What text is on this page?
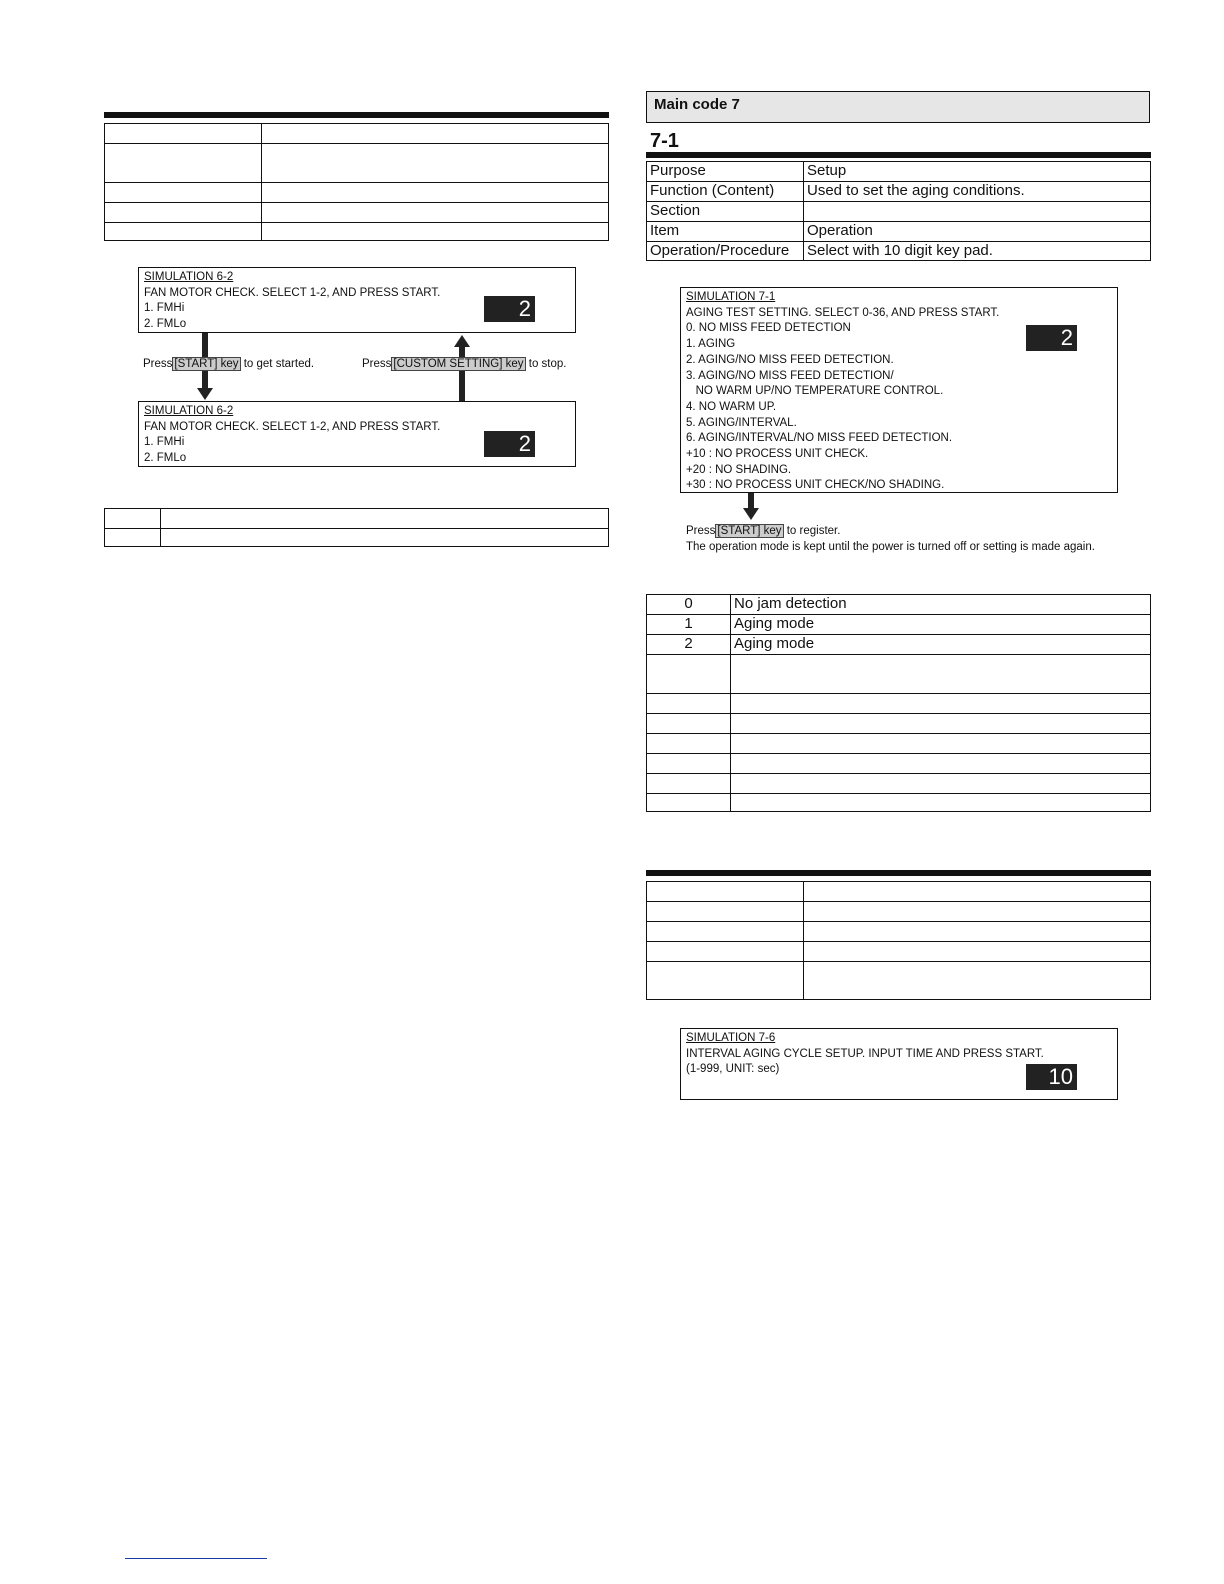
SIMULATION 6-2
FAN MOTOR CHECK. SELECT 1-2, AND PRESS START.
1. FMHi
2. FMLo
2
Press [START] key to get started.	Press [CUSTOM SETTING] key to stop.
SIMULATION 6-2
FAN MOTOR CHECK. SELECT 1-2, AND PRESS START.
1. FMHi
2. FMLo
2

Main code 7
7-1
Purpose	Setup
Function (Content)	Used to set the aging conditions.
Section	
Item	Operation
Operation/Procedure	Select with 10 digit key pad.
SIMULATION 7-1
AGING TEST SETTING. SELECT 0-36, AND PRESS START.
0. NO MISS FEED DETECTION
1. AGING
2. AGING/NO MISS FEED DETECTION.
3. AGING/NO MISS FEED DETECTION/
NO WARM UP/NO TEMPERATURE CONTROL.
4. NO WARM UP.
5. AGING/INTERVAL.
6. AGING/INTERVAL/NO MISS FEED DETECTION.
+10 : NO PROCESS UNIT CHECK.
+20 : NO SHADING.
+30 : NO PROCESS UNIT CHECK/NO SHADING.
2
Press [START] key to register.
The operation mode is kept until the power is turned off or setting is made again.
0	No jam detection
1	Aging mode
2	Aging mode

SIMULATION 7-6
INTERVAL AGING CYCLE SETUP. INPUT TIME AND PRESS START.
(1-999, UNIT: sec)	10
